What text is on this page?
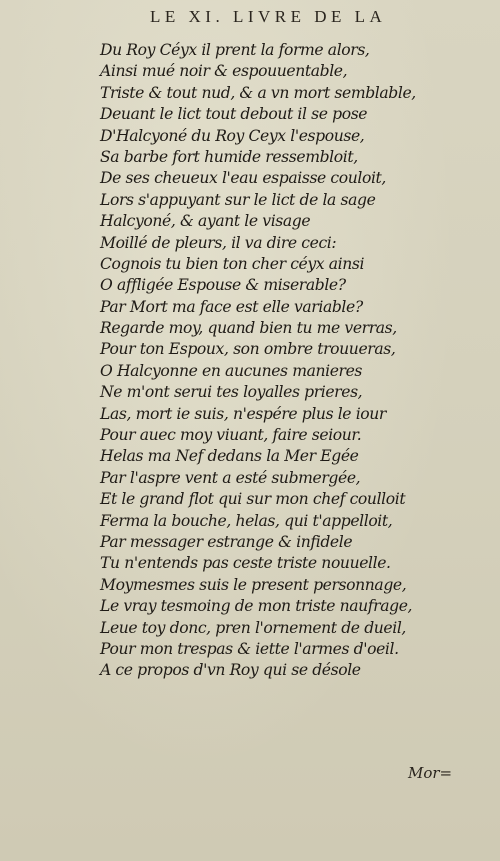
LE XI. LIVRE DE LA
Du Roy Céyx il prent la forme alors,
Ainsi mué noir & espouuentable,
Triste & tout nud, & a vn mort semblable,
Deuant le lict tout debout il se pose
D'Halcyoné du Roy Ceyx l'espouse,
Sa barbe fort humide ressembloit,
De ses cheueux l'eau espaisse couloit,
Lors s'appuyant sur le lict de la sage
Halcyoné, & ayant le visage
Moillé de pleurs, il va dire ceci:
Cognois tu bien ton cher céyx ainsi
O affligée Espouse & miserable?
Par Mort ma face est elle variable?
Regarde moy, quand bien tu me verras,
Pour ton Espoux, son ombre trouueras,
O Halcyonne en aucunes manieres
Ne m'ont serui tes loyalles prieres,
Las, mort ie suis, n'espére plus le iour
Pour auec moy viuant, faire seiour.
Helas ma Nef dedans la Mer Egée
Par l'aspre vent a esté submergée,
Et le grand flot qui sur mon chef coulloit
Ferma la bouche, helas, qui t'appelloit,
Par messager estrange & infidele
Tu n'entends pas ceste triste nouuelle.
Moymesmes suis le present personnage,
Le vray tesmoing de mon triste naufrage,
Leue toy donc, pren l'ornement de dueil,
Pour mon trespas & iette l'armes d'oeil.
A ce propos d'vn Roy qui se désole
Mor=
